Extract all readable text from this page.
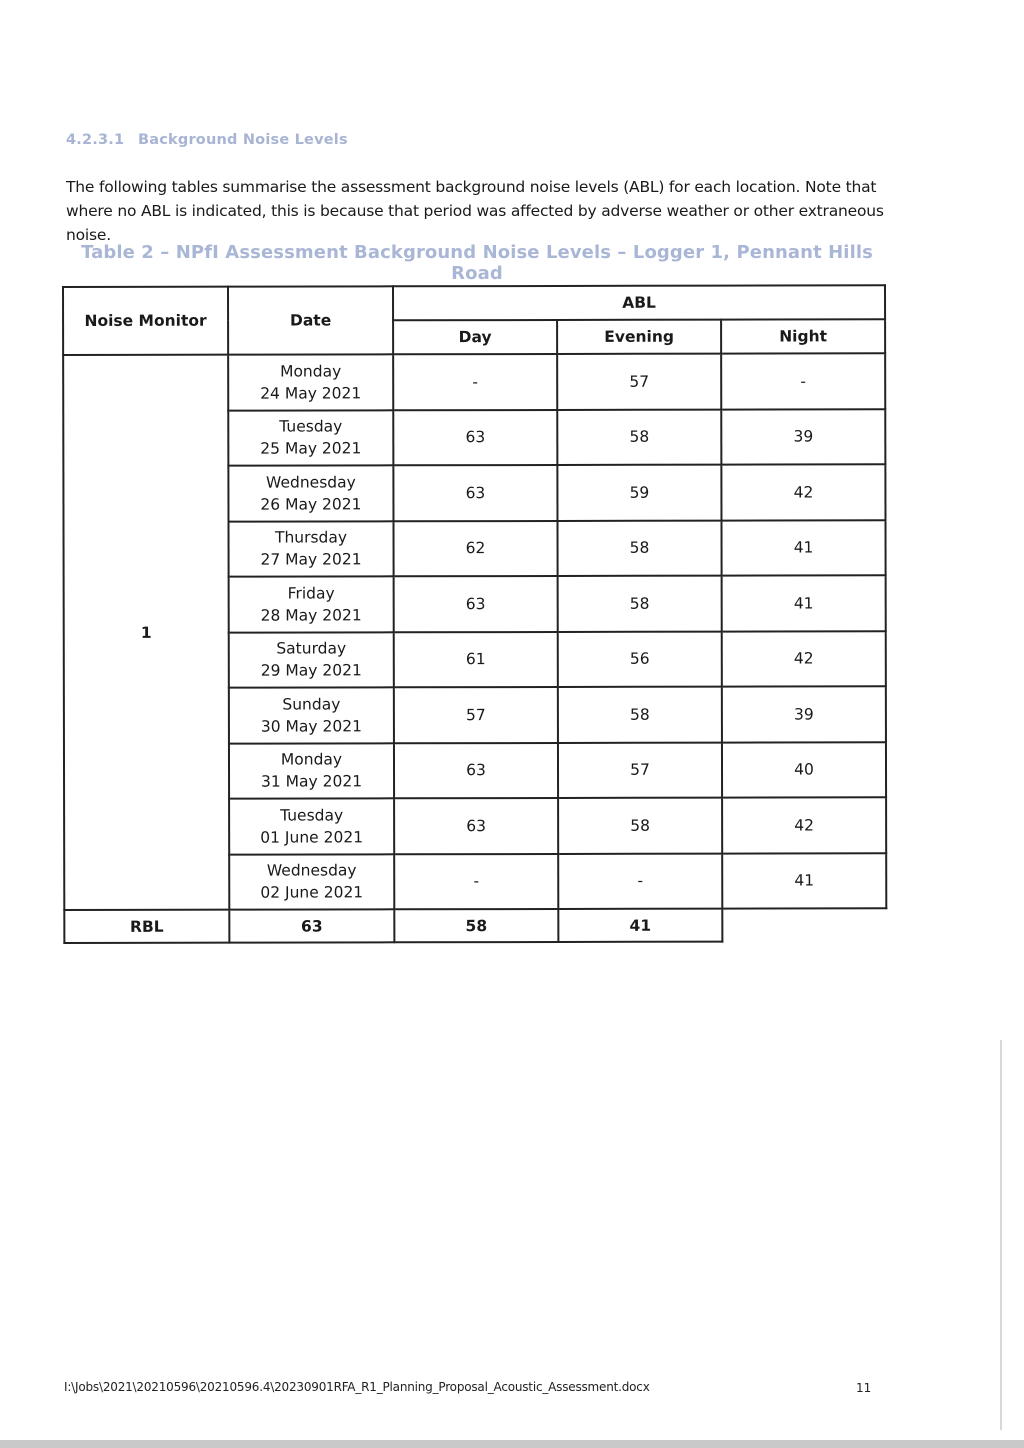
4.2.3.1 Background Noise Levels
The following tables summarise the assessment background noise levels (ABL) for each location. Note that where no ABL is indicated, this is because that period was affected by adverse weather or other extraneous noise.
Table 2 – NPfI Assessment Background Noise Levels – Logger 1, Pennant Hills Road
Noise Monitor	Date	ABL		
		Day	Evening	Night
1	Monday
24 May 2021	-	57	-

	Tuesday
25 May 2021	63	58	39

	Wednesday
26 May 2021	63	59	42

	Thursday
27 May 2021	62	58	41

	Friday
28 May 2021	63	58	41

	Saturday
29 May 2021	61	56	42

	Sunday
30 May 2021	57	58	39

	Monday
31 May 2021	63	57	40

	Tuesday
01 June 2021	63	58	42

	Wednesday
02 June 2021	-	-	41
RBL	63	58	41	
I:\Jobs\2021\20210596\20210596.4\20230901RFA_R1_Planning_Proposal_Acoustic_Assessment.docx	11
